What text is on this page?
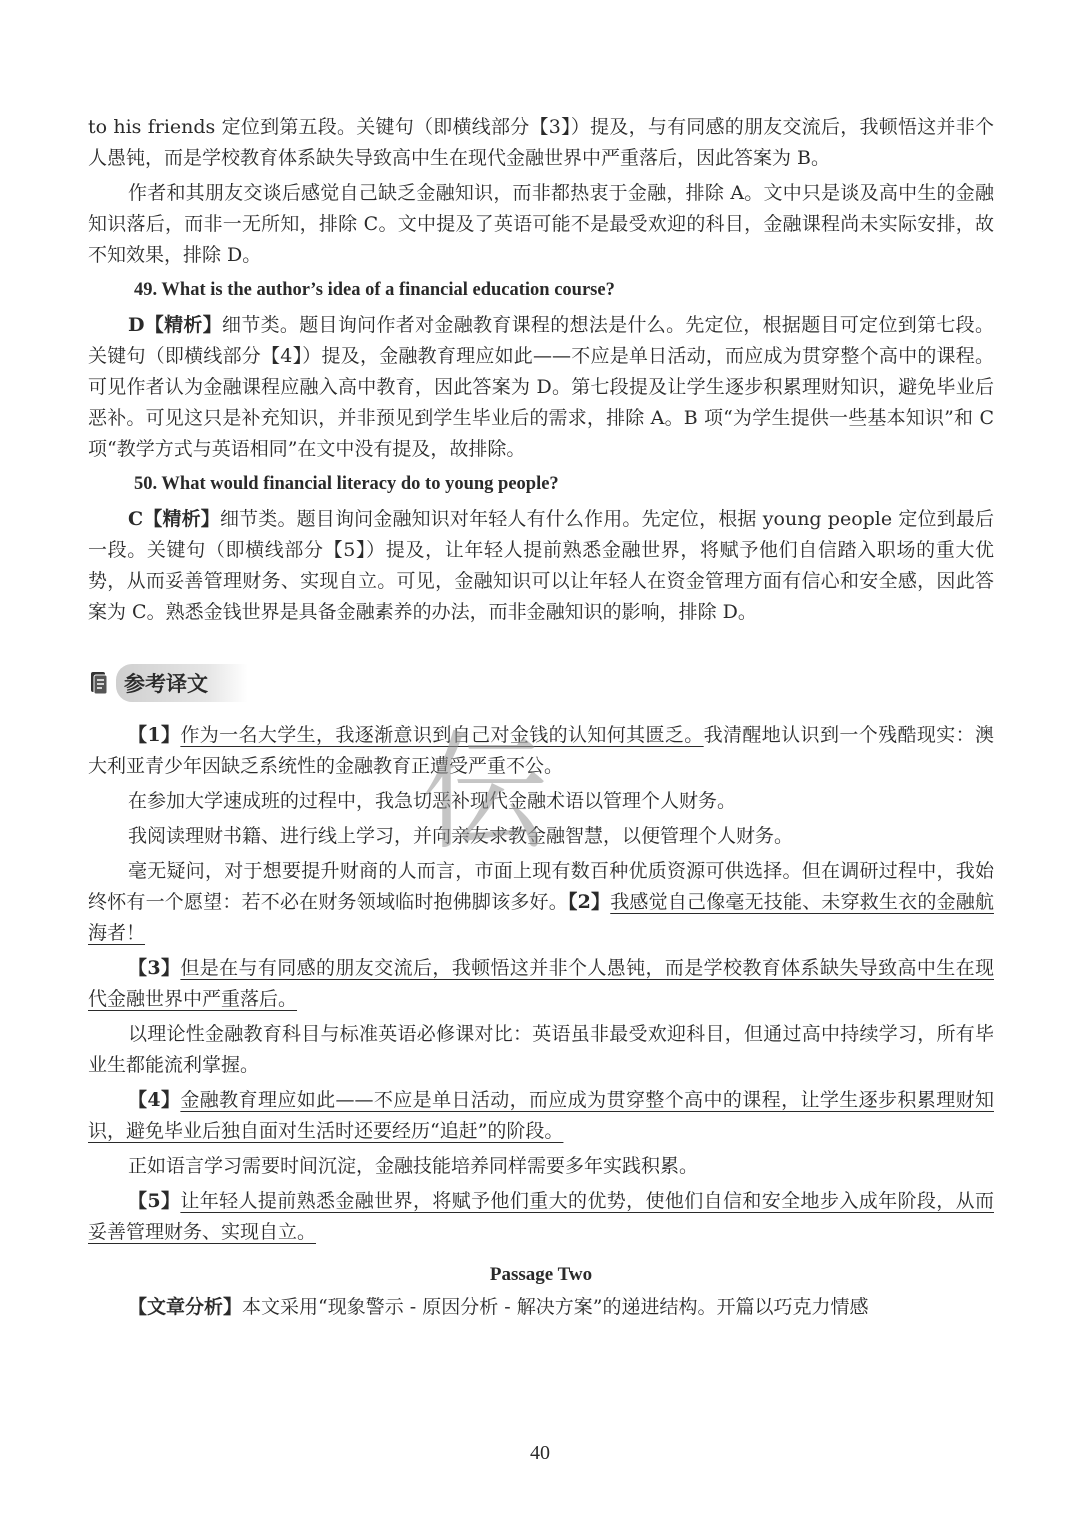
to his friends 定位到第五段。关键句（即横线部分【3】）提及，与有同感的朋友交流后，我顿悟这并非个人愚钝，而是学校教育体系缺失导致高中生在现代金融世界中严重落后，因此答案为 B。

作者和其朋友交谈后感觉自己缺乏金融知识，而非都热衷于金融，排除 A。文中只是谈及高中生的金融知识落后，而非一无所知，排除 C。文中提及了英语可能不是最受欢迎的科目，金融课程尚未实际安排，故不知效果，排除 D。

49. What is the author’s idea of a financial education course?

D【精析】细节类。题目询问作者对金融教育课程的想法是什么。先定位，根据题目可定位到第七段。关键句（即横线部分【4】）提及，金融教育理应如此——不应是单日活动，而应成为贯穿整个高中的课程。可见作者认为金融课程应融入高中教育，因此答案为 D。第七段提及让学生逐步积累理财知识，避免毕业后恶补。可见这只是补充知识，并非预见到学生毕业后的需求，排除 A。B 项“为学生提供一些基本知识”和 C 项“教学方式与英语相同”在文中没有提及，故排除。

50. What would financial literacy do to young people?

C【精析】细节类。题目询问金融知识对年轻人有什么作用。先定位，根据 young people 定位到最后一段。关键句（即横线部分【5】）提及，让年轻人提前熟悉金融世界，将赋予他们自信踏入职场的重大优势，从而妥善管理财务、实现自立。可见，金融知识可以让年轻人在资金管理方面有信心和安全感，因此答案为 C。熟悉金钱世界是具备金融素养的办法，而非金融知识的影响，排除 D。

参考译文

【1】作为一名大学生，我逐渐意识到自己对金钱的认知何其匮乏。我清醒地认识到一个残酷现实：澳大利亚青少年因缺乏系统性的金融教育正遭受严重不公。

在参加大学速成班的过程中，我急切恶补现代金融术语以管理个人财务。

我阅读理财书籍、进行线上学习，并向亲友求教金融智慧，以便管理个人财务。

毫无疑问，对于想要提升财商的人而言，市面上现有数百种优质资源可供选择。但在调研过程中，我始终怀有一个愿望：若不必在财务领域临时抱佛脚该多好。【2】我感觉自己像毫无技能、未穿救生衣的金融航海者！

【3】但是在与有同感的朋友交流后，我顿悟这并非个人愚钝，而是学校教育体系缺失导致高中生在现代金融世界中严重落后。

以理论性金融教育科目与标准英语必修课对比：英语虽非最受欢迎科目，但通过高中持续学习，所有毕业生都能流利掌握。

【4】金融教育理应如此——不应是单日活动，而应成为贯穿整个高中的课程，让学生逐步积累理财知识，避免毕业后独自面对生活时还要经历“追赶”的阶段。

正如语言学习需要时间沉淀，金融技能培养同样需要多年实践积累。

【5】让年轻人提前熟悉金融世界，将赋予他们重大的优势，使他们自信和安全地步入成年阶段，从而妥善管理财务、实现自立。

Passage Two

【文章分析】本文采用“现象警示 - 原因分析 - 解决方案”的递进结构。开篇以巧克力情感

伝
40
